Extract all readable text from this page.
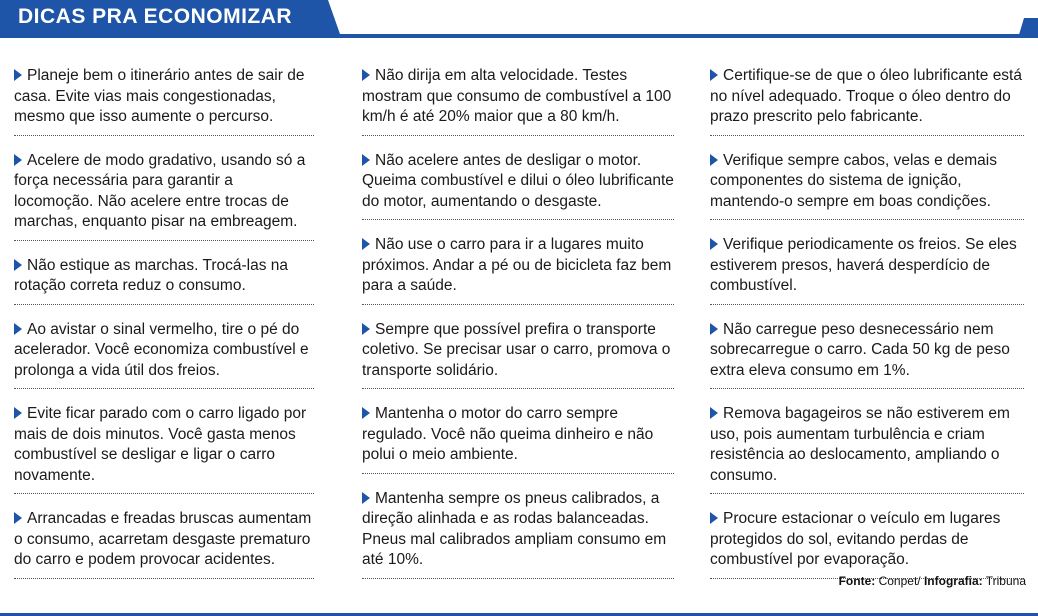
DICAS PRA ECONOMIZAR
Planeje bem o itinerário antes de sair de casa. Evite vias mais congestionadas, mesmo que isso aumente o percurso.
Acelere de modo gradativo, usando só a força necessária para garantir a locomoção. Não acelere entre trocas de marchas, enquanto pisar na embreagem.
Não estique as marchas. Trocá-las na rotação correta reduz o consumo.
Ao avistar o sinal vermelho, tire o pé do acelerador. Você economiza combustível e prolonga a vida útil dos freios.
Evite ficar parado com o carro ligado por mais de dois minutos. Você gasta menos combustível se desligar e ligar o carro novamente.
Arrancadas e freadas bruscas aumentam o consumo, acarretam desgaste prematuro do carro e podem provocar acidentes.
Não dirija em alta velocidade. Testes mostram que consumo de combustível a 100 km/h é até 20% maior que a 80 km/h.
Não acelere antes de desligar o motor. Queima combustível e dilui o óleo lubrificante do motor, aumentando o desgaste.
Não use o carro para ir a lugares muito próximos. Andar a pé ou de bicicleta faz bem para a saúde.
Sempre que possível prefira o transporte coletivo. Se precisar usar o carro, promova o transporte solidário.
Mantenha o motor do carro sempre regulado. Você não queima dinheiro e não polui o meio ambiente.
Mantenha sempre os pneus calibrados, a direção alinhada e as rodas balanceadas. Pneus mal calibrados ampliam consumo em até 10%.
Certifique-se de que o óleo lubrificante está no nível adequado. Troque o óleo dentro do prazo prescrito pelo fabricante.
Verifique sempre cabos, velas e demais componentes do sistema de ignição, mantendo-o sempre em boas condições.
Verifique periodicamente os freios. Se eles estiverem presos, haverá desperdício de combustível.
Não carregue peso desnecessário nem sobrecarregue o carro. Cada 50 kg de peso extra eleva consumo em 1%.
Remova bagageiros se não estiverem em uso, pois aumentam turbulência e criam resistência ao deslocamento, ampliando o consumo.
Procure estacionar o veículo em lugares protegidos do sol, evitando perdas de combustível por evaporação.
Fonte: Conpet/ Infografia: Tribuna
